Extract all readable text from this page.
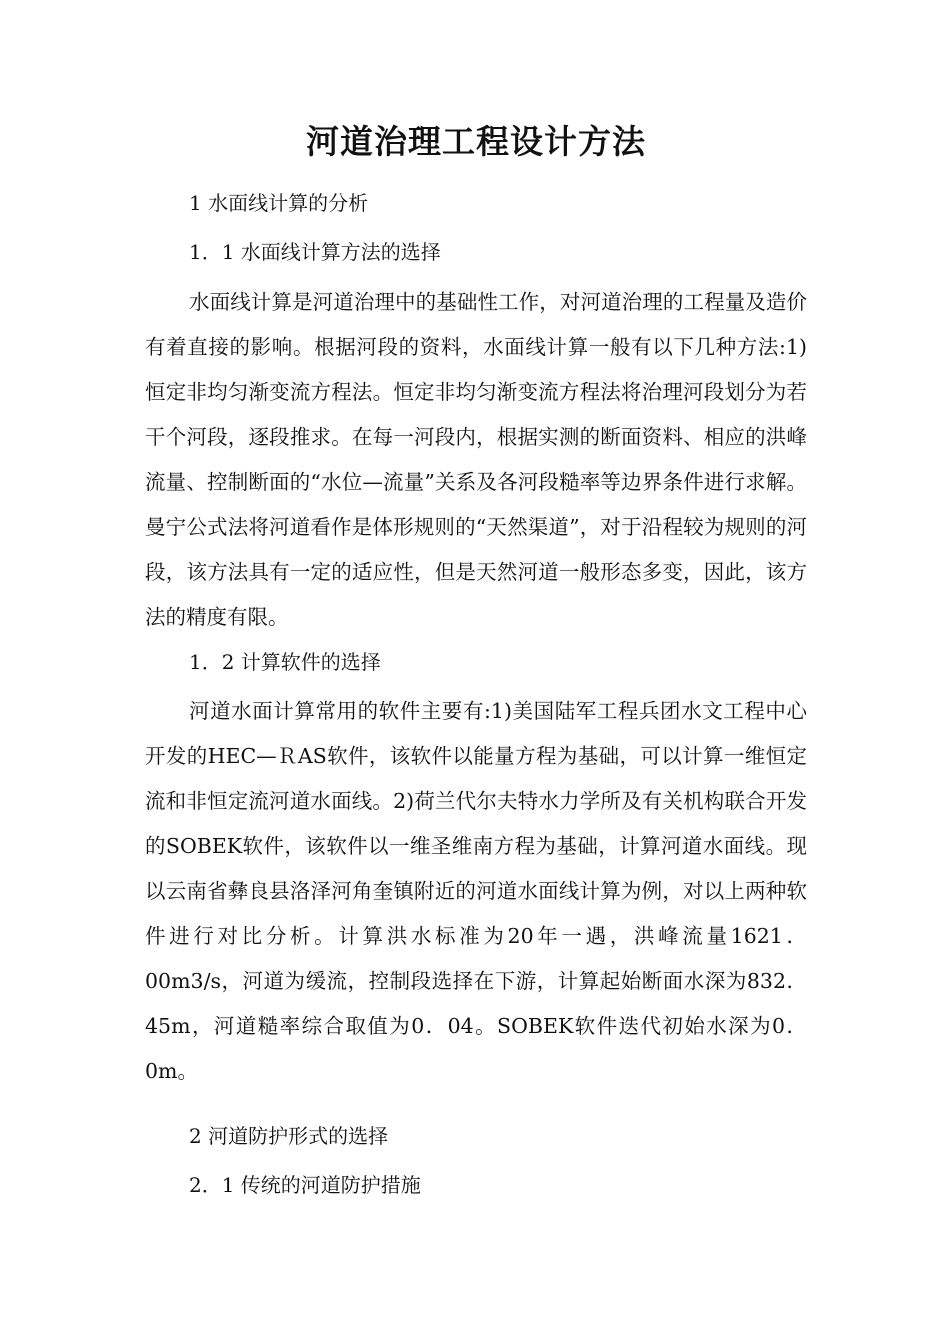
河道治理工程设计方法

1 水面线计算的分析

1．1 水面线计算方法的选择

水面线计算是河道治理中的基础性工作，对河道治理的工程量及造价有着直接的影响。根据河段的资料，水面线计算一般有以下几种方法:1)恒定非均匀渐变流方程法。恒定非均匀渐变流方程法将治理河段划分为若干个河段，逐段推求。在每一河段内，根据实测的断面资料、相应的洪峰流量、控制断面的“水位—流量”关系及各河段糙率等边界条件进行求解。曼宁公式法将河道看作是体形规则的“天然渠道”，对于沿程较为规则的河段，该方法具有一定的适应性，但是天然河道一般形态多变，因此，该方法的精度有限。

1．2 计算软件的选择

河道水面计算常用的软件主要有:1)美国陆军工程兵团水文工程中心开发的HEC—ＲAS软件，该软件以能量方程为基础，可以计算一维恒定流和非恒定流河道水面线。2)荷兰代尔夫特水力学所及有关机构联合开发的SOBEK软件，该软件以一维圣维南方程为基础，计算河道水面线。现以云南省彝良县洛泽河角奎镇附近的河道水面线计算为例，对以上两种软件进行对比分析。计算洪水标准为20年一遇，洪峰流量1621．00m3/s，河道为缓流，控制段选择在下游，计算起始断面水深为832．45m，河道糙率综合取值为0．04。SOBEK软件迭代初始水深为0．0m。

2 河道防护形式的选择

2．1 传统的河道防护措施
